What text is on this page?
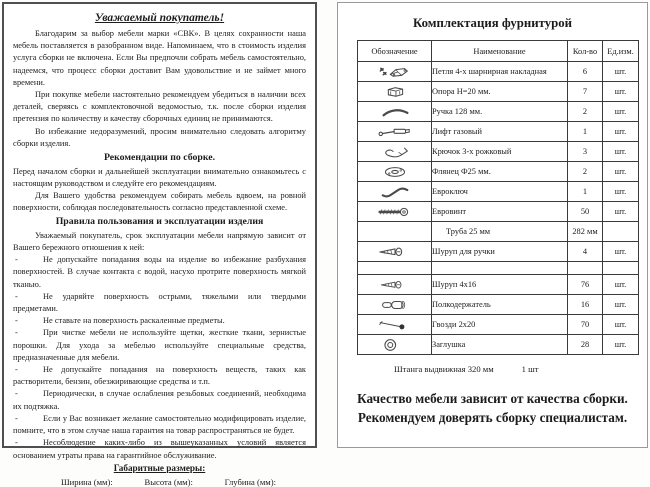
Уважаемый покупатель!

Благодарим за выбор мебели марки «СВК». В целях сохранности наша мебель поставляется в разобранном виде. Напоминаем, что в стоимость изделия услуга сборки не включена. Если Вы предпочли собрать мебель самостоятельно, надеемся, что процесс сборки доставит Вам удовольствие и не займет много времени.

При покупке мебели настоятельно рекомендуем убедиться в наличии всех деталей, сверяясь с комплектовочной ведомостью, т.к. после сборки изделия претензия по количеству и качеству сборочных единиц не принимаются.

Во избежание недоразумений, просим внимательно следовать алгоритму сборки изделия.

Рекомендации по сборке.

Перед началом сборки и дальнейшей эксплуатации внимательно ознакомьтесь с настоящим руководством и следуйте его рекомендациям.

Для Вашего удобства рекомендуем собирать мебель вдвоем, на ровной поверхности, соблюдая последовательность согласно представленной схеме.

Правила пользования и эксплуатации изделия

Уважаемый покупатель, срок эксплуатации мебели напрямую зависит от Вашего бережного отношения к ней:

- Не допускайте попадания воды на изделие во избежание разбухания поверхностей. В случае контакта с водой, насухо протрите поверхность мягкой тканью.

- Не ударяйте поверхность острыми, тяжелыми или твердыми предметами.

- Не ставьте на поверхность раскаленные предметы.

- При чистке мебели не используйте щетки, жесткие ткани, зернистые порошки. Для ухода за мебелью используйте специальные средства, предназначенные для мебели.

- Не допускайте попадания на поверхность веществ, таких как растворители, бензин, обезжиривающие средства и т.п.

- Периодически, в случае ослабления резьбовых соединений, необходима их подтяжка.

- Если у Вас возникает желание самостоятельно модифицировать изделие, помните, что в этом случае наша гарантия на товар распространяться не будет.

- Несоблюдение каких-либо из вышеуказанных условий является основанием утраты права на гарантийное обслуживание.

Габаритные размеры:
Ширина (мм):	Высота (мм):	Глубина (мм):
Комплектация фурнитурой
Обозначение	Наименование	Кол-во	Ед.изм.
	Петля 4-х шарнирная накладная	6	шт.
	Опора Н=20 мм.	7	шт.
	Ручка 128 мм.	2	шт.
	Лифт газовый	1	шт.
	Крючок 3-х рожковый	3	шт.
	Флянец Ф25 мм.	2	шт.
	Евроключ	1	шт.
	Евровинт	50	шт.
	Труба 25 мм	282 мм	
	Шуруп для ручки	4	шт.

	Шуруп 4х16	76	шт.
	Полкодержатель	16	шт.
	Гвозди 2х20	70	шт.
	Заглушка	28	шт.

Штанга выдвижная 320 мм	1 шт

Качество мебели зависит от качества сборки.
Рекомендуем доверять сборку специалистам.
